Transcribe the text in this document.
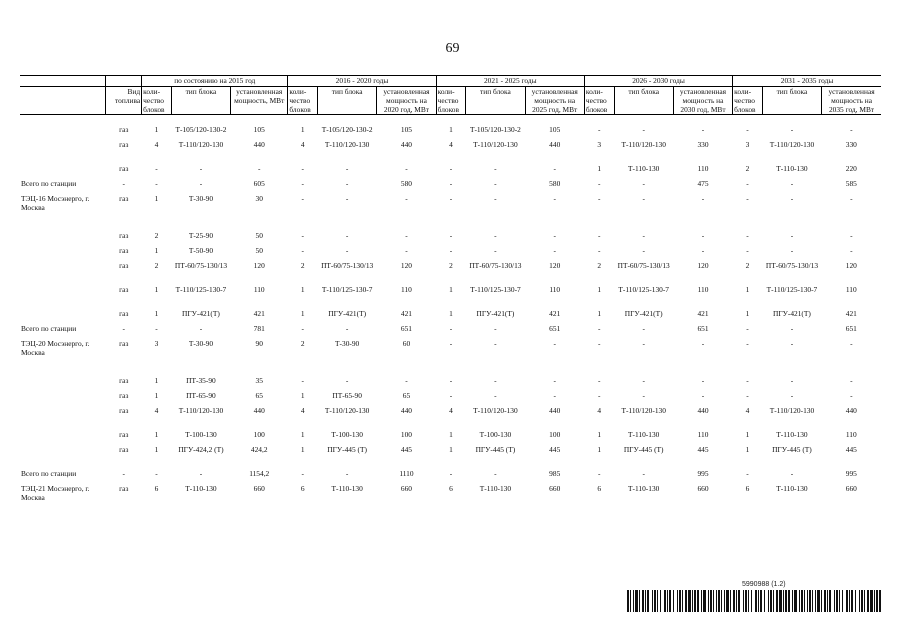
69
		по состоянию на 2015 год			2016 - 2020 годы			2021 - 2025 годы			2026 - 2030 годы			2031 - 2035 годы		
	Вид топлива	коли-чество блоков	тип блока	установленная мощность, МВт	коли-чество блоков	тип блока	установленная мощность на 2020 год, МВт	коли-чество блоков	тип блока	установленная мощность на 2025 год, МВт	коли-чество блоков	тип блока	установленная мощность на 2030 год, МВт	коли-чество блоков	тип блока	установленная мощность на 2035 год, МВт
	газ	1	Т-105/120-130-2	105	1	Т-105/120-130-2	105	1	Т-105/120-130-2	105	-	-	-	-	-	-
	газ	4	Т-110/120-130	440	4	Т-110/120-130	440	4	Т-110/120-130	440	3	Т-110/120-130	330	3	Т-110/120-130	330
	газ	-	-	-	-	-	-	-	-	-	1	Т-110-130	110	2	Т-110-130	220
Всего по станции	-	-	-	605	-	-	580	-	-	580	-	-	475	-	-	585
ТЭЦ-16 Мосэнерго, г. Москва	газ	1	Т-30-90	30	-	-	-	-	-	-	-	-	-	-	-	-
	газ	2	Т-25-90	50	-	-	-	-	-	-	-	-	-	-	-	-
	газ	1	Т-50-90	50	-	-	-	-	-	-	-	-	-	-	-	-
	газ	2	ПТ-60/75-130/13	120	2	ПТ-60/75-130/13	120	2	ПТ-60/75-130/13	120	2	ПТ-60/75-130/13	120	2	ПТ-60/75-130/13	120
	газ	1	Т-110/125-130-7	110	1	Т-110/125-130-7	110	1	Т-110/125-130-7	110	1	Т-110/125-130-7	110	1	Т-110/125-130-7	110
	газ	1	ПГУ-421(Т)	421	1	ПГУ-421(Т)	421	1	ПГУ-421(Т)	421	1	ПГУ-421(Т)	421	1	ПГУ-421(Т)	421
Всего по станции	-	-	-	781	-	-	651	-	-	651	-	-	651	-	-	651
ТЭЦ-20 Мосэнерго, г. Москва	газ	3	Т-30-90	90	2	Т-30-90	60	-	-	-	-	-	-	-	-	-
	газ	1	ПТ-35-90	35	-	-	-	-	-	-	-	-	-	-	-	-
	газ	1	ПТ-65-90	65	1	ПТ-65-90	65	-	-	-	-	-	-	-	-	-
	газ	4	Т-110/120-130	440	4	Т-110/120-130	440	4	Т-110/120-130	440	4	Т-110/120-130	440	4	Т-110/120-130	440
	газ	1	Т-100-130	100	1	Т-100-130	100	1	Т-100-130	100	1	Т-110-130	110	1	Т-110-130	110
	газ	1	ПГУ-424,2 (Т)	424,2	1	ПГУ-445 (Т)	445	1	ПГУ-445 (Т)	445	1	ПГУ-445 (Т)	445	1	ПГУ-445 (Т)	445
Всего по станции	-	-	-	1154,2	-	-	1110	-	-	985	-	-	995	-	-	995
ТЭЦ-21 Мосэнерго, г. Москва	газ	6	Т-110-130	660	6	Т-110-130	660	6	Т-110-130	660	6	Т-110-130	660	6	Т-110-130	660
5990988 (1.2)
